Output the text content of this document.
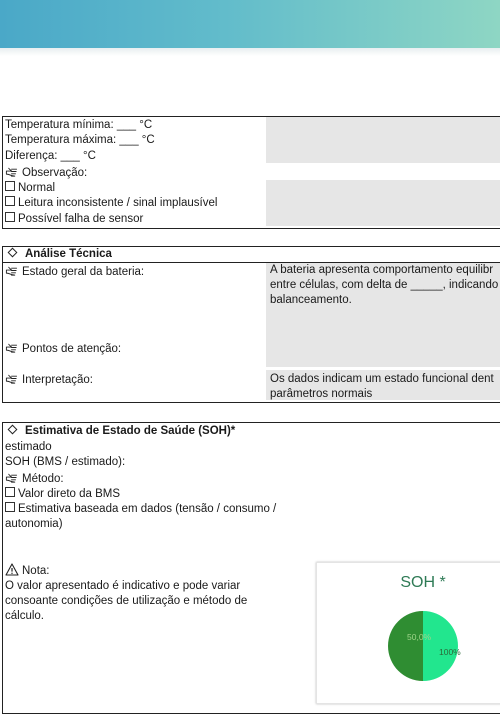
Temperatura mínima: ___ °C
Temperatura máxima: ___ °C
Diferença: ___ °C
Observação:
Normal
Leitura inconsistente / sinal implausível
Possível falha de sensor
Análise Técnica
Estado geral da bateria:	A bateria apresenta comportamento equilibr
entre células, com delta de _____, indicando
balanceamento.
Pontos de atenção:
Interpretação:	Os dados indicam um estado funcional dent
parâmetros normais
Estimativa de Estado de Saúde (SOH)*
estimado
SOH (BMS / estimado):
Método:
Valor direto da BMS
Estimativa baseada em dados (tensão / consumo /
autonomia)
Nota:
O valor apresentado é indicativo e pode variar
consoante condições de utilização e método de
cálculo.
SOH *
100%
50,0%
